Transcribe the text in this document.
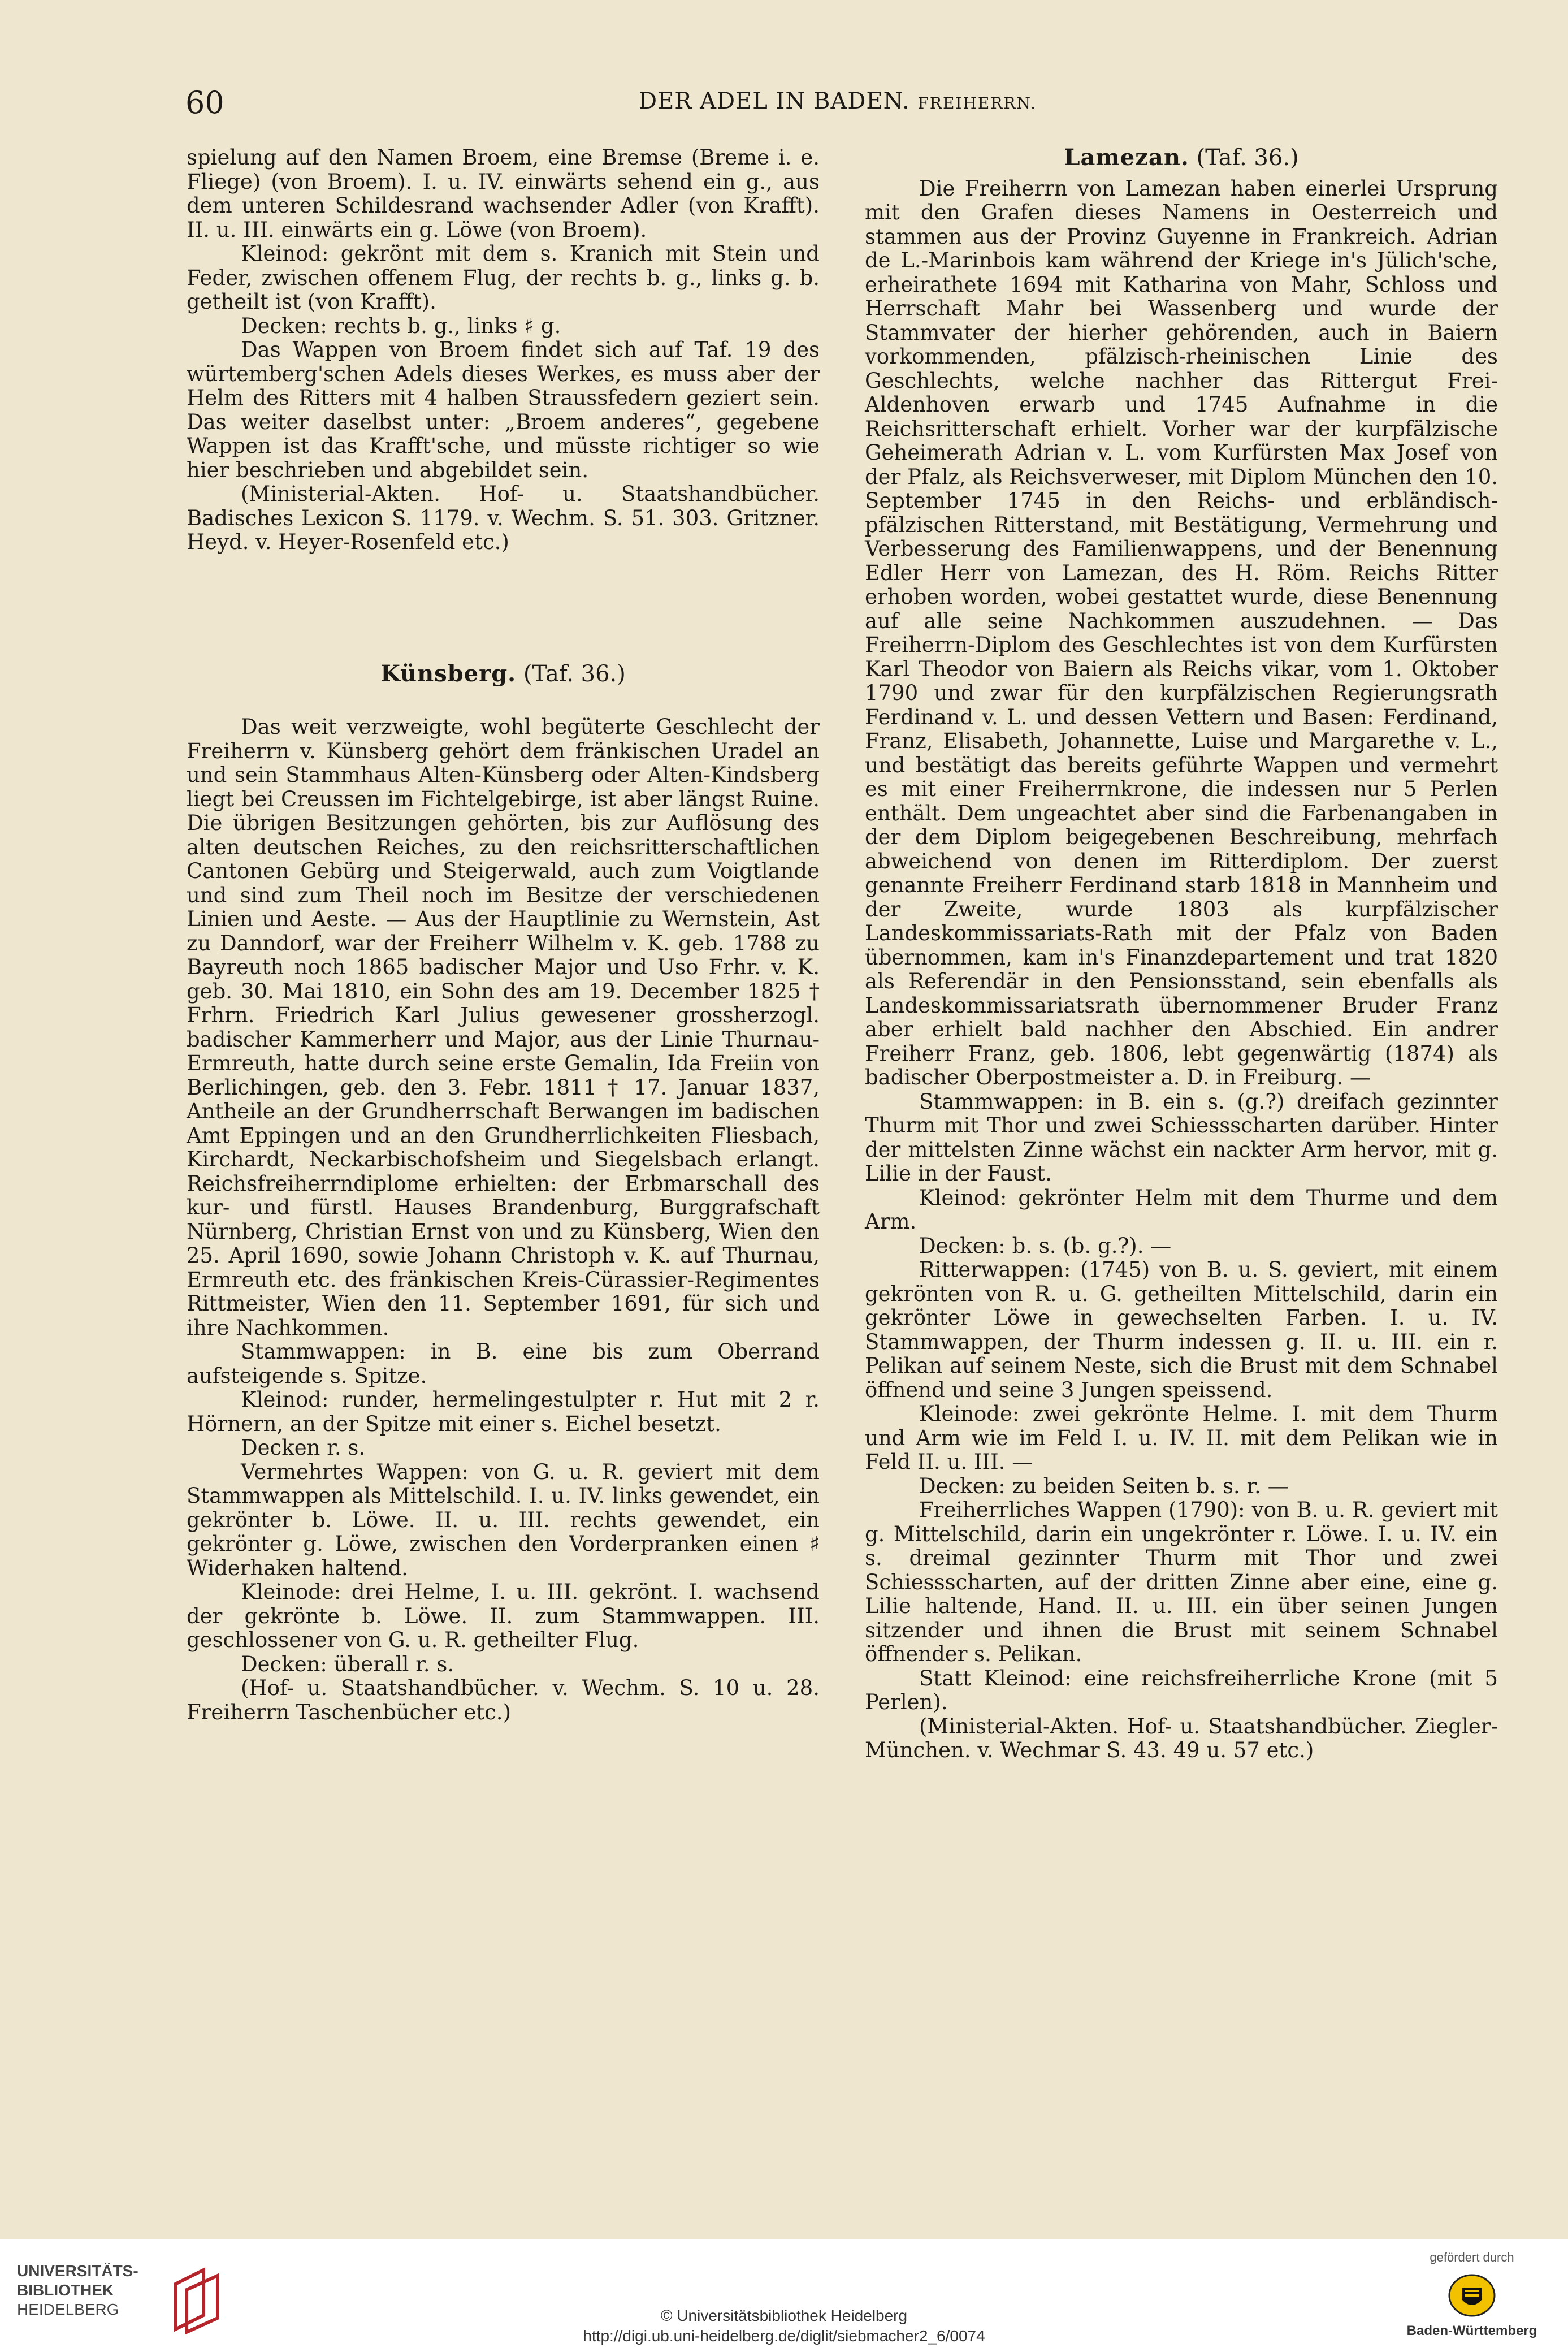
60	DER ADEL IN BADEN. FREIHERRN.

spielung auf den Namen Broem, eine Bremse (Breme i. e. Fliege) (von Broem). I. u. IV. einwärts sehend ein g., aus dem unteren Schildesrand wachsender Adler (von Krafft). II. u. III. einwärts ein g. Löwe (von Broem).

Kleinod: gekrönt mit dem s. Kranich mit Stein und Feder, zwischen offenem Flug, der rechts b. g., links g. b. getheilt ist (von Krafft).

Decken: rechts b. g., links ♯ g.

Das Wappen von Broem findet sich auf Taf. 19 des würtemberg'schen Adels dieses Werkes, es muss aber der Helm des Ritters mit 4 halben Straussfedern geziert sein. Das weiter daselbst unter: „Broem anderes“, gegebene Wappen ist das Krafft'sche, und müsste richtiger so wie hier beschrieben und abgebildet sein.

(Ministerial-Akten. Hof- u. Staatshandbücher. Badisches Lexicon S. 1179. v. Wechm. S. 51. 303. Gritzner. Heyd. v. Heyer-Rosenfeld etc.)

Künsberg. (Taf. 36.)

Das weit verzweigte, wohl begüterte Geschlecht der Freiherrn v. Künsberg gehört dem fränkischen Uradel an und sein Stammhaus Alten-Künsberg oder Alten-Kindsberg liegt bei Creussen im Fichtelgebirge, ist aber längst Ruine. Die übrigen Besitzungen gehörten, bis zur Auflösung des alten deutschen Reiches, zu den reichsritterschaftlichen Cantonen Gebürg und Steigerwald, auch zum Voigtlande und sind zum Theil noch im Besitze der verschiedenen Linien und Aeste. — Aus der Hauptlinie zu Wernstein, Ast zu Danndorf, war der Freiherr Wilhelm v. K. geb. 1788 zu Bayreuth noch 1865 badischer Major und Uso Frhr. v. K. geb. 30. Mai 1810, ein Sohn des am 19. December 1825 † Frhrn. Friedrich Karl Julius gewesener grossherzogl. badischer Kammerherr und Major, aus der Linie Thurnau-Ermreuth, hatte durch seine erste Gemalin, Ida Freiin von Berlichingen, geb. den 3. Febr. 1811 † 17. Januar 1837, Antheile an der Grundherrschaft Berwangen im badischen Amt Eppingen und an den Grundherrlichkeiten Fliesbach, Kirchardt, Neckarbischofsheim und Siegelsbach erlangt. Reichsfreiherrndiplome erhielten: der Erbmarschall des kur- und fürstl. Hauses Brandenburg, Burggrafschaft Nürnberg, Christian Ernst von und zu Künsberg, Wien den 25. April 1690, sowie Johann Christoph v. K. auf Thurnau, Ermreuth etc. des fränkischen Kreis-Cürassier-Regimentes Rittmeister, Wien den 11. September 1691, für sich und ihre Nachkommen.

Stammwappen: in B. eine bis zum Oberrand aufsteigende s. Spitze.

Kleinod: runder, hermelingestulpter r. Hut mit 2 r. Hörnern, an der Spitze mit einer s. Eichel besetzt.

Decken r. s.

Vermehrtes Wappen: von G. u. R. geviert mit dem Stammwappen als Mittelschild. I. u. IV. links gewendet, ein gekrönter b. Löwe. II. u. III. rechts gewendet, ein gekrönter g. Löwe, zwischen den Vorderpranken einen ♯ Widerhaken haltend.

Kleinode: drei Helme, I. u. III. gekrönt. I. wachsend der gekrönte b. Löwe. II. zum Stammwappen. III. geschlossener von G. u. R. getheilter Flug.

Decken: überall r. s.

(Hof- u. Staatshandbücher. v. Wechm. S. 10 u. 28. Freiherrn Taschenbücher etc.)

Lamezan. (Taf. 36.)

Die Freiherrn von Lamezan haben einerlei Ursprung mit den Grafen dieses Namens in Oesterreich und stammen aus der Provinz Guyenne in Frankreich. Adrian de L.-Marinbois kam während der Kriege in's Jülich'sche, erheirathete 1694 mit Katharina von Mahr, Schloss und Herrschaft Mahr bei Wassenberg und wurde der Stammvater der hierher gehörenden, auch in Baiern vorkommenden, pfälzisch-rheinischen Linie des Geschlechts, welche nachher das Rittergut Frei-Aldenhoven erwarb und 1745 Aufnahme in die Reichsritterschaft erhielt. Vorher war der kurpfälzische Geheimerath Adrian v. L. vom Kurfürsten Max Josef von der Pfalz, als Reichsverweser, mit Diplom München den 10. September 1745 in den Reichs- und erbländisch-pfälzischen Ritterstand, mit Bestätigung, Vermehrung und Verbesserung des Familienwappens, und der Benennung Edler Herr von Lamezan, des H. Röm. Reichs Ritter erhoben worden, wobei gestattet wurde, diese Benennung auf alle seine Nachkommen auszudehnen. — Das Freiherrn-Diplom des Geschlechtes ist von dem Kurfürsten Karl Theodor von Baiern als Reichs vikar, vom 1. Oktober 1790 und zwar für den kurpfälzischen Regierungsrath Ferdinand v. L. und dessen Vettern und Basen: Ferdinand, Franz, Elisabeth, Johannette, Luise und Margarethe v. L., und bestätigt das bereits geführte Wappen und vermehrt es mit einer Freiherrnkrone, die indessen nur 5 Perlen enthält. Dem ungeachtet aber sind die Farbenangaben in der dem Diplom beigegebenen Beschreibung, mehrfach abweichend von denen im Ritterdiplom. Der zuerst genannte Freiherr Ferdinand starb 1818 in Mannheim und der Zweite, wurde 1803 als kurpfälzischer Landeskommissariats-Rath mit der Pfalz von Baden übernommen, kam in's Finanzdepartement und trat 1820 als Referendär in den Pensionsstand, sein ebenfalls als Landeskommissariatsrath übernommener Bruder Franz aber erhielt bald nachher den Abschied. Ein andrer Freiherr Franz, geb. 1806, lebt gegenwärtig (1874) als badischer Oberpostmeister a. D. in Freiburg. —

Stammwappen: in B. ein s. (g.?) dreifach gezinnter Thurm mit Thor und zwei Schiessscharten darüber. Hinter der mittelsten Zinne wächst ein nackter Arm hervor, mit g. Lilie in der Faust.

Kleinod: gekrönter Helm mit dem Thurme und dem Arm.

Decken: b. s. (b. g.?). —

Ritterwappen: (1745) von B. u. S. geviert, mit einem gekrönten von R. u. G. getheilten Mittelschild, darin ein gekrönter Löwe in gewechselten Farben. I. u. IV. Stammwappen, der Thurm indessen g. II. u. III. ein r. Pelikan auf seinem Neste, sich die Brust mit dem Schnabel öffnend und seine 3 Jungen speissend.

Kleinode: zwei gekrönte Helme. I. mit dem Thurm und Arm wie im Feld I. u. IV. II. mit dem Pelikan wie in Feld II. u. III. —

Decken: zu beiden Seiten b. s. r. —

Freiherrliches Wappen (1790): von B. u. R. geviert mit g. Mittelschild, darin ein ungekrönter r. Löwe. I. u. IV. ein s. dreimal gezinnter Thurm mit Thor und zwei Schiessscharten, auf der dritten Zinne aber eine, eine g. Lilie haltende, Hand. II. u. III. ein über seinen Jungen sitzender und ihnen die Brust mit seinem Schnabel öffnender s. Pelikan.

Statt Kleinod: eine reichsfreiherrliche Krone (mit 5 Perlen).

(Ministerial-Akten. Hof- u. Staatshandbücher. Ziegler-München. v. Wechmar S. 43. 49 u. 57 etc.)

UNIVERSITÄTS-
BIBLIOTHEK
HEIDELBERG	© Universitätsbibliothek Heidelberg
http://digi.ub.uni-heidelberg.de/diglit/siebmacher2_6/0074
gefördert durch
Baden-Württemberg
